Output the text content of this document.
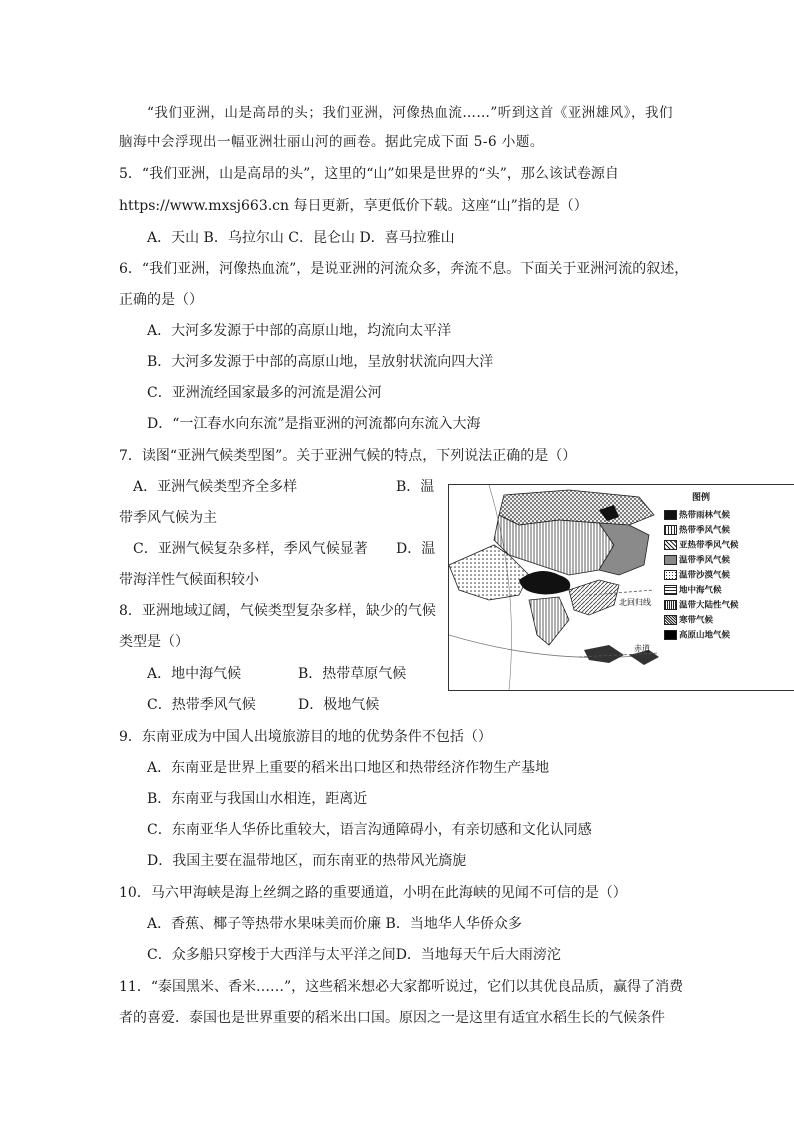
“我们亚洲，山是高昂的头；我们亚洲，河像热血流……”听到这首《亚洲雄风》，我们
脑海中会浮现出一幅亚洲壮丽山河的画卷。据此完成下面 5-6 小题。
5．“我们亚洲，山是高昂的头”，这里的“山”如果是世界的“头”，那么该试卷源自
https://www.mxsj663.cn 每日更新，享更低价下载。这座“山”指的是（）
A．天山 B．乌拉尔山 C．昆仑山 D．喜马拉雅山
6．“我们亚洲，河像热血流”，是说亚洲的河流众多，奔流不息。下面关于亚洲河流的叙述，
正确的是（）
A．大河多发源于中部的高原山地，均流向太平洋
B．大河多发源于中部的高原山地，呈放射状流向四大洋
C．亚洲流经国家最多的河流是湄公河
D．“一江春水向东流”是指亚洲的河流都向东流入大海
7．读图“亚洲气候类型图”。关于亚洲气候的特点，下列说法正确的是（）
A．亚洲气候类型齐全多样	B．温
带季风气候为主
C．亚洲气候复杂多样，季风气候显著 D．温
带海洋性气候面积较小
8．亚洲地域辽阔，气候类型复杂多样，缺少的气候
类型是（）
A．地中海气候	B．热带草原气候
C．热带季风气候	D．极地气候
9．东南亚成为中国人出境旅游目的地的优势条件不包括（）
A．东南亚是世界上重要的稻米出口地区和热带经济作物生产基地
B．东南亚与我国山水相连，距离近
C．东南亚华人华侨比重较大，语言沟通障碍小，有亲切感和文化认同感
D．我国主要在温带地区，而东南亚的热带风光旖旎
10．马六甲海峡是海上丝绸之路的重要通道，小明在此海峡的见闻不可信的是（）
A．香蕉、椰子等热带水果味美而价廉 B．当地华人华侨众多
C．众多船只穿梭于大西洋与太平洋之间D．当地每天午后大雨滂沱
11．“泰国黑米、香米……”，这些稻米想必大家都听说过，它们以其优良品质，赢得了消费
者的喜爱．泰国也是世界重要的稻米出口国。原因之一是这里有适宜水稻生长的气候条件
北回归线
赤道
图例
热带雨林气候
热带季风气候
亚热带季风气候
温带季风气候
温带沙漠气候
地中海气候
温带大陆性气候
寒带气候
高原山地气候
